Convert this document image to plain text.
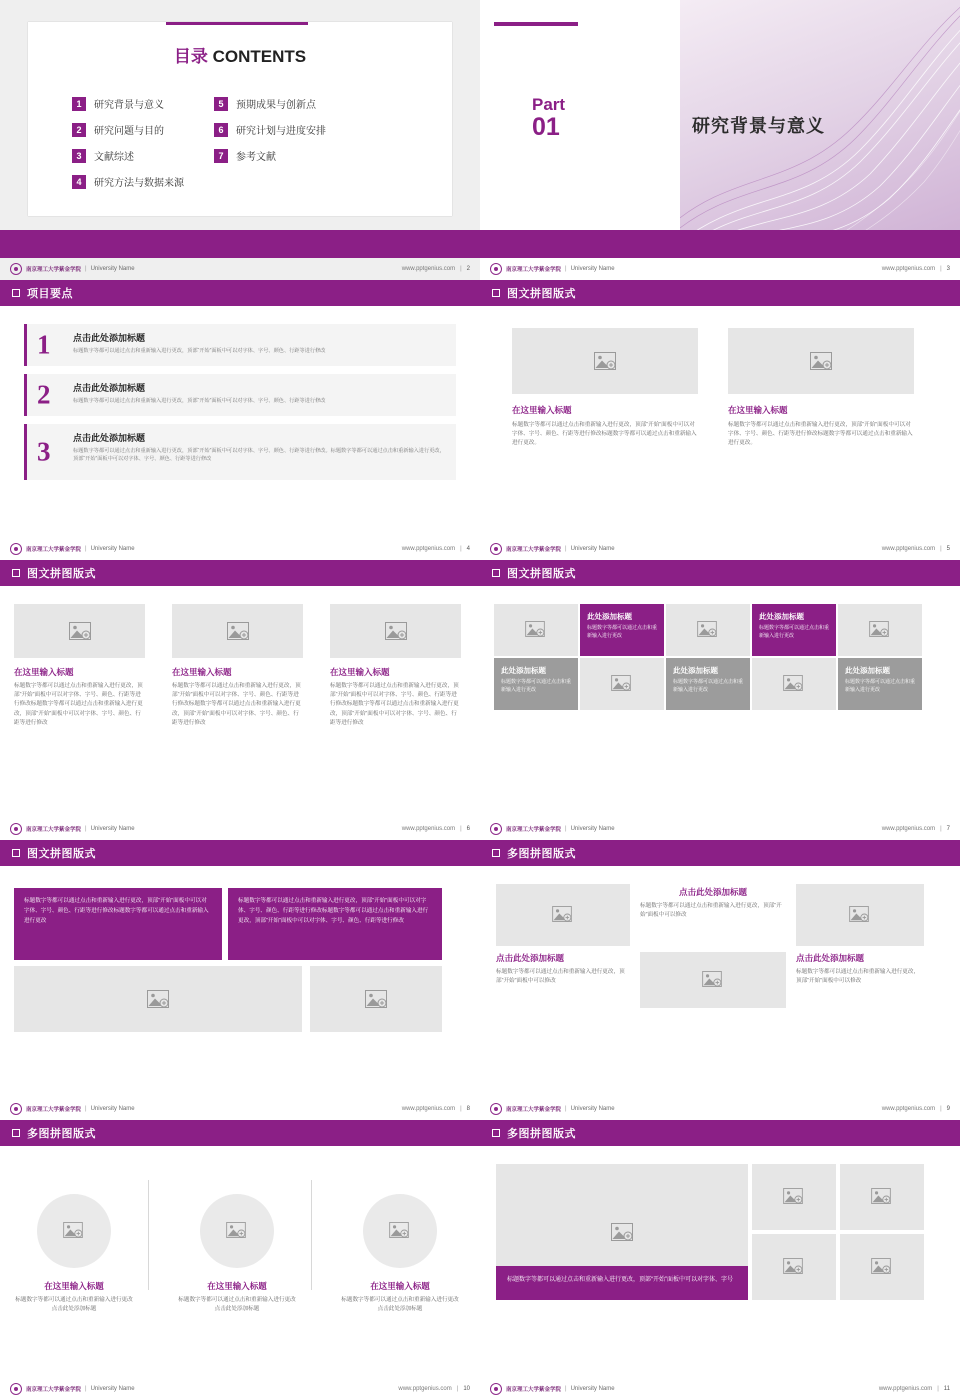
目录 CONTENTS
1	研究背景与意义
2	研究问题与目的
3	文献综述
4	研究方法与数据来源
5	预期成果与创新点
6	研究计划与进度安排
7	参考文献
南京理工大学紫金学院 | University Name	www.pptgenius.com | 2
Part
01	研究背景与意义
南京理工大学紫金学院 | University Name	www.pptgenius.com | 3
项目要点
1	点击此处添加标题
标题数字等都可以通过点击和重新输入进行更改，顶部“开始”面板中可以对字体、字号、颜色、行距等进行修改
2	点击此处添加标题
标题数字等都可以通过点击和重新输入进行更改，顶部“开始”面板中可以对字体、字号、颜色、行距等进行修改
3	点击此处添加标题
标题数字等都可以通过点击和重新输入进行更改，顶部“开始”面板中可以对字体、字号、颜色、行距等进行修改。标题数字等都可以通过点击和重新输入进行更改，顶部“开始”面板中可以对字体、字号、颜色、行距等进行修改
南京理工大学紫金学院 | University Name	www.pptgenius.com | 4
图文拼图版式
在这里输入标题
标题数字等都可以通过点击和重新输入进行更改，顶部“开始”面板中可以对字体、字号、颜色、行距等进行修改标题数字等都可以通过点击和重新输入进行更改。
在这里输入标题
标题数字等都可以通过点击和重新输入进行更改，顶部“开始”面板中可以对字体、字号、颜色、行距等进行修改标题数字等都可以通过点击和重新输入进行更改。
南京理工大学紫金学院 | University Name	www.pptgenius.com | 5
图文拼图版式
在这里输入标题
标题数字等都可以通过点击和重新输入进行更改，顶部“开始”面板中可以对字体、字号、颜色、行距等进行修改标题数字等都可以通过点击和重新输入进行更改，顶部“开始”面板中可以对字体、字号、颜色、行距等进行修改
在这里输入标题
标题数字等都可以通过点击和重新输入进行更改，顶部“开始”面板中可以对字体、字号、颜色、行距等进行修改标题数字等都可以通过点击和重新输入进行更改，顶部“开始”面板中可以对字体、字号、颜色、行距等进行修改
在这里输入标题
标题数字等都可以通过点击和重新输入进行更改，顶部“开始”面板中可以对字体、字号、颜色、行距等进行修改标题数字等都可以通过点击和重新输入进行更改，顶部“开始”面板中可以对字体、字号、颜色、行距等进行修改
南京理工大学紫金学院 | University Name	www.pptgenius.com | 6
图文拼图版式
此处添加标题
标题数字等都可以通过点击和重新输入进行更改
此处添加标题
标题数字等都可以通过点击和重新输入进行更改
此处添加标题
标题数字等都可以通过点击和重新输入进行更改
此处添加标题
标题数字等都可以通过点击和重新输入进行更改
此处添加标题
标题数字等都可以通过点击和重新输入进行更改
南京理工大学紫金学院 | University Name	www.pptgenius.com | 7
图文拼图版式
标题数字等都可以通过点击和重新输入进行更改，顶部“开始”面板中可以对字体、字号、颜色、行距等进行修改标题数字等都可以通过点击和重新输入进行更改
标题数字等都可以通过点击和重新输入进行更改，顶部“开始”面板中可以对字体、字号、颜色、行距等进行修改标题数字等都可以通过点击和重新输入进行更改，顶部“开始”面板中可以对字体、字号、颜色、行距等进行修改
南京理工大学紫金学院 | University Name	www.pptgenius.com | 8
多图拼图版式
点击此处添加标题
标题数字等都可以通过点击和重新输入进行更改，顶部“开始”面板中可以修改
点击此处添加标题
标题数字等都可以通过点击和重新输入进行更改，顶部“开始”面板中可以修改
点击此处添加标题
标题数字等都可以通过点击和重新输入进行更改，顶部“开始”面板中可以修改
南京理工大学紫金学院 | University Name	www.pptgenius.com | 9
多图拼图版式
在这里输入标题
标题数字等都可以通过点击和重新输入进行更改 点击此处添加标题
在这里输入标题
标题数字等都可以通过点击和重新输入进行更改 点击此处添加标题
在这里输入标题
标题数字等都可以通过点击和重新输入进行更改 点击此处添加标题
南京理工大学紫金学院 | University Name	www.pptgenius.com | 10
多图拼图版式
标题数字等都可以通过点击和重新输入进行更改，顶部“开始”面板中可以对字体、字号
南京理工大学紫金学院 | University Name	www.pptgenius.com | 11
